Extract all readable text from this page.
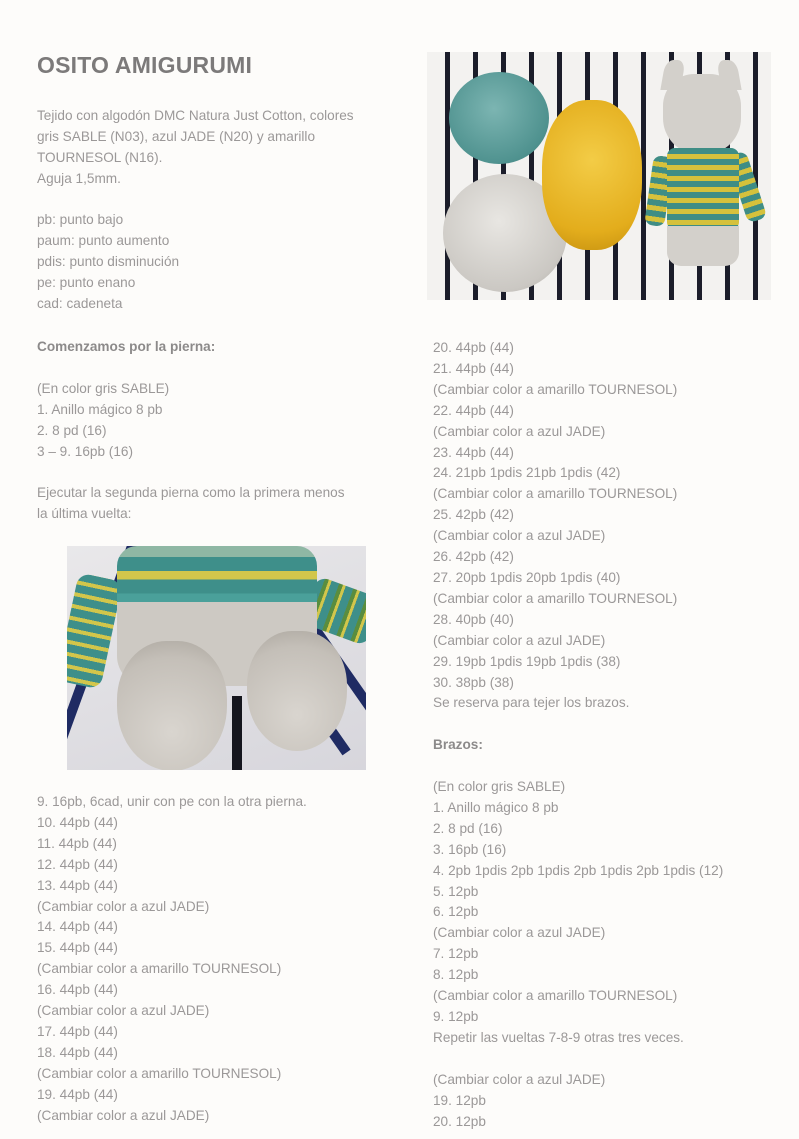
OSITO AMIGURUMI

Tejido con algodón DMC Natura Just Cotton, colores

gris SABLE (N03), azul JADE (N20) y amarillo

TOURNESOL (N16).

Aguja 1,5mm.

pb: punto bajo

paum: punto aumento

pdis: punto disminución

pe: punto enano

cad: cadeneta

Comenzamos por la pierna:

(En color gris SABLE)

1. Anillo mágico 8 pb

2. 8 pd (16)

3 – 9. 16pb (16)

Ejecutar la segunda pierna como la primera menos

la última vuelta:

9. 16pb, 6cad, unir con pe con la otra pierna.

10. 44pb (44)

11. 44pb (44)

12. 44pb (44)

13. 44pb (44)

(Cambiar color a azul JADE)

14. 44pb (44)

15. 44pb (44)

(Cambiar color a amarillo TOURNESOL)

16. 44pb (44)

(Cambiar color a azul JADE)

17. 44pb (44)

18. 44pb (44)

(Cambiar color a amarillo TOURNESOL)

19. 44pb (44)

(Cambiar color a azul JADE)

20. 44pb (44)

21. 44pb (44)

(Cambiar color a amarillo TOURNESOL)

22. 44pb (44)

(Cambiar color a azul JADE)

23. 44pb (44)

24. 21pb 1pdis 21pb 1pdis (42)

(Cambiar color a amarillo TOURNESOL)

25. 42pb (42)

(Cambiar color a azul JADE)

26. 42pb (42)

27. 20pb 1pdis 20pb 1pdis (40)

(Cambiar color a amarillo TOURNESOL)

28. 40pb (40)

(Cambiar color a azul JADE)

29. 19pb 1pdis 19pb 1pdis (38)

30. 38pb (38)

Se reserva para tejer los brazos.

Brazos:

(En color gris SABLE)

1. Anillo mágico 8 pb

2. 8 pd (16)

3. 16pb (16)

4. 2pb 1pdis 2pb 1pdis 2pb 1pdis 2pb 1pdis (12)

5. 12pb

6. 12pb

(Cambiar color a azul JADE)

7. 12pb

8. 12pb

(Cambiar color a amarillo TOURNESOL)

9. 12pb

Repetir las vueltas 7-8-9 otras tres veces.

(Cambiar color a azul JADE)

19. 12pb

20. 12pb
